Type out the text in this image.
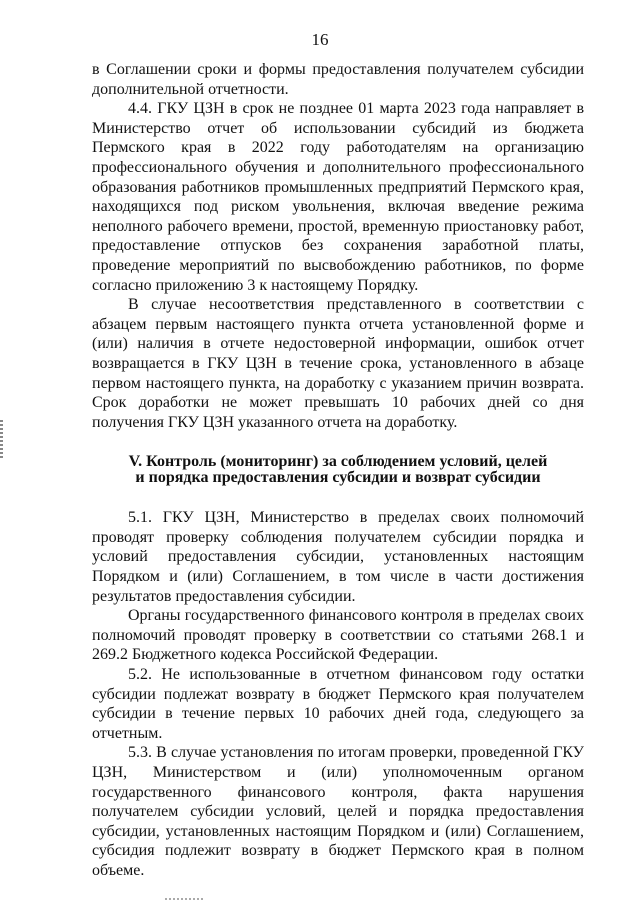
16

в Соглашении сроки и формы предоставления получателем субсидии дополнительной отчетности.

4.4. ГКУ ЦЗН в срок не позднее 01 марта 2023 года направляет в Министерство отчет об использовании субсидий из бюджета Пермского края в 2022 году работодателям на организацию профессионального обучения и дополнительного профессионального образования работников промышленных предприятий Пермского края, находящихся под риском увольнения, включая введение режима неполного рабочего времени, простой, временную приостановку работ, предоставление отпусков без сохранения заработной платы, проведение мероприятий по высвобождению работников, по форме согласно приложению 3 к настоящему Порядку.

В случае несоответствия представленного в соответствии с абзацем первым настоящего пункта отчета установленной форме и (или) наличия в отчете недостоверной информации, ошибок отчет возвращается в ГКУ ЦЗН в течение срока, установленного в абзаце первом настоящего пункта, на доработку с указанием причин возврата. Срок доработки не может превышать 10 рабочих дней со дня получения ГКУ ЦЗН указанного отчета на доработку.

V. Контроль (мониторинг) за соблюдением условий, целей
и порядка предоставления субсидии и возврат субсидии

5.1. ГКУ ЦЗН, Министерство в пределах своих полномочий проводят проверку соблюдения получателем субсидии порядка и условий предоставления субсидии, установленных настоящим Порядком и (или) Соглашением, в том числе в части достижения результатов предоставления субсидии.

Органы государственного финансового контроля в пределах своих полномочий проводят проверку в соответствии со статьями 268.1 и 269.2 Бюджетного кодекса Российской Федерации.

5.2. Не использованные в отчетном финансовом году остатки субсидии подлежат возврату в бюджет Пермского края получателем субсидии в течение первых 10 рабочих дней года, следующего за отчетным.

5.3. В случае установления по итогам проверки, проведенной ГКУ ЦЗН, Министерством и (или) уполномоченным органом государственного финансового контроля, факта нарушения получателем субсидии условий, целей и порядка предоставления субсидии, установленных настоящим Порядком и (или) Соглашением, субсидия подлежит возврату в бюджет Пермского края в полном объеме.
